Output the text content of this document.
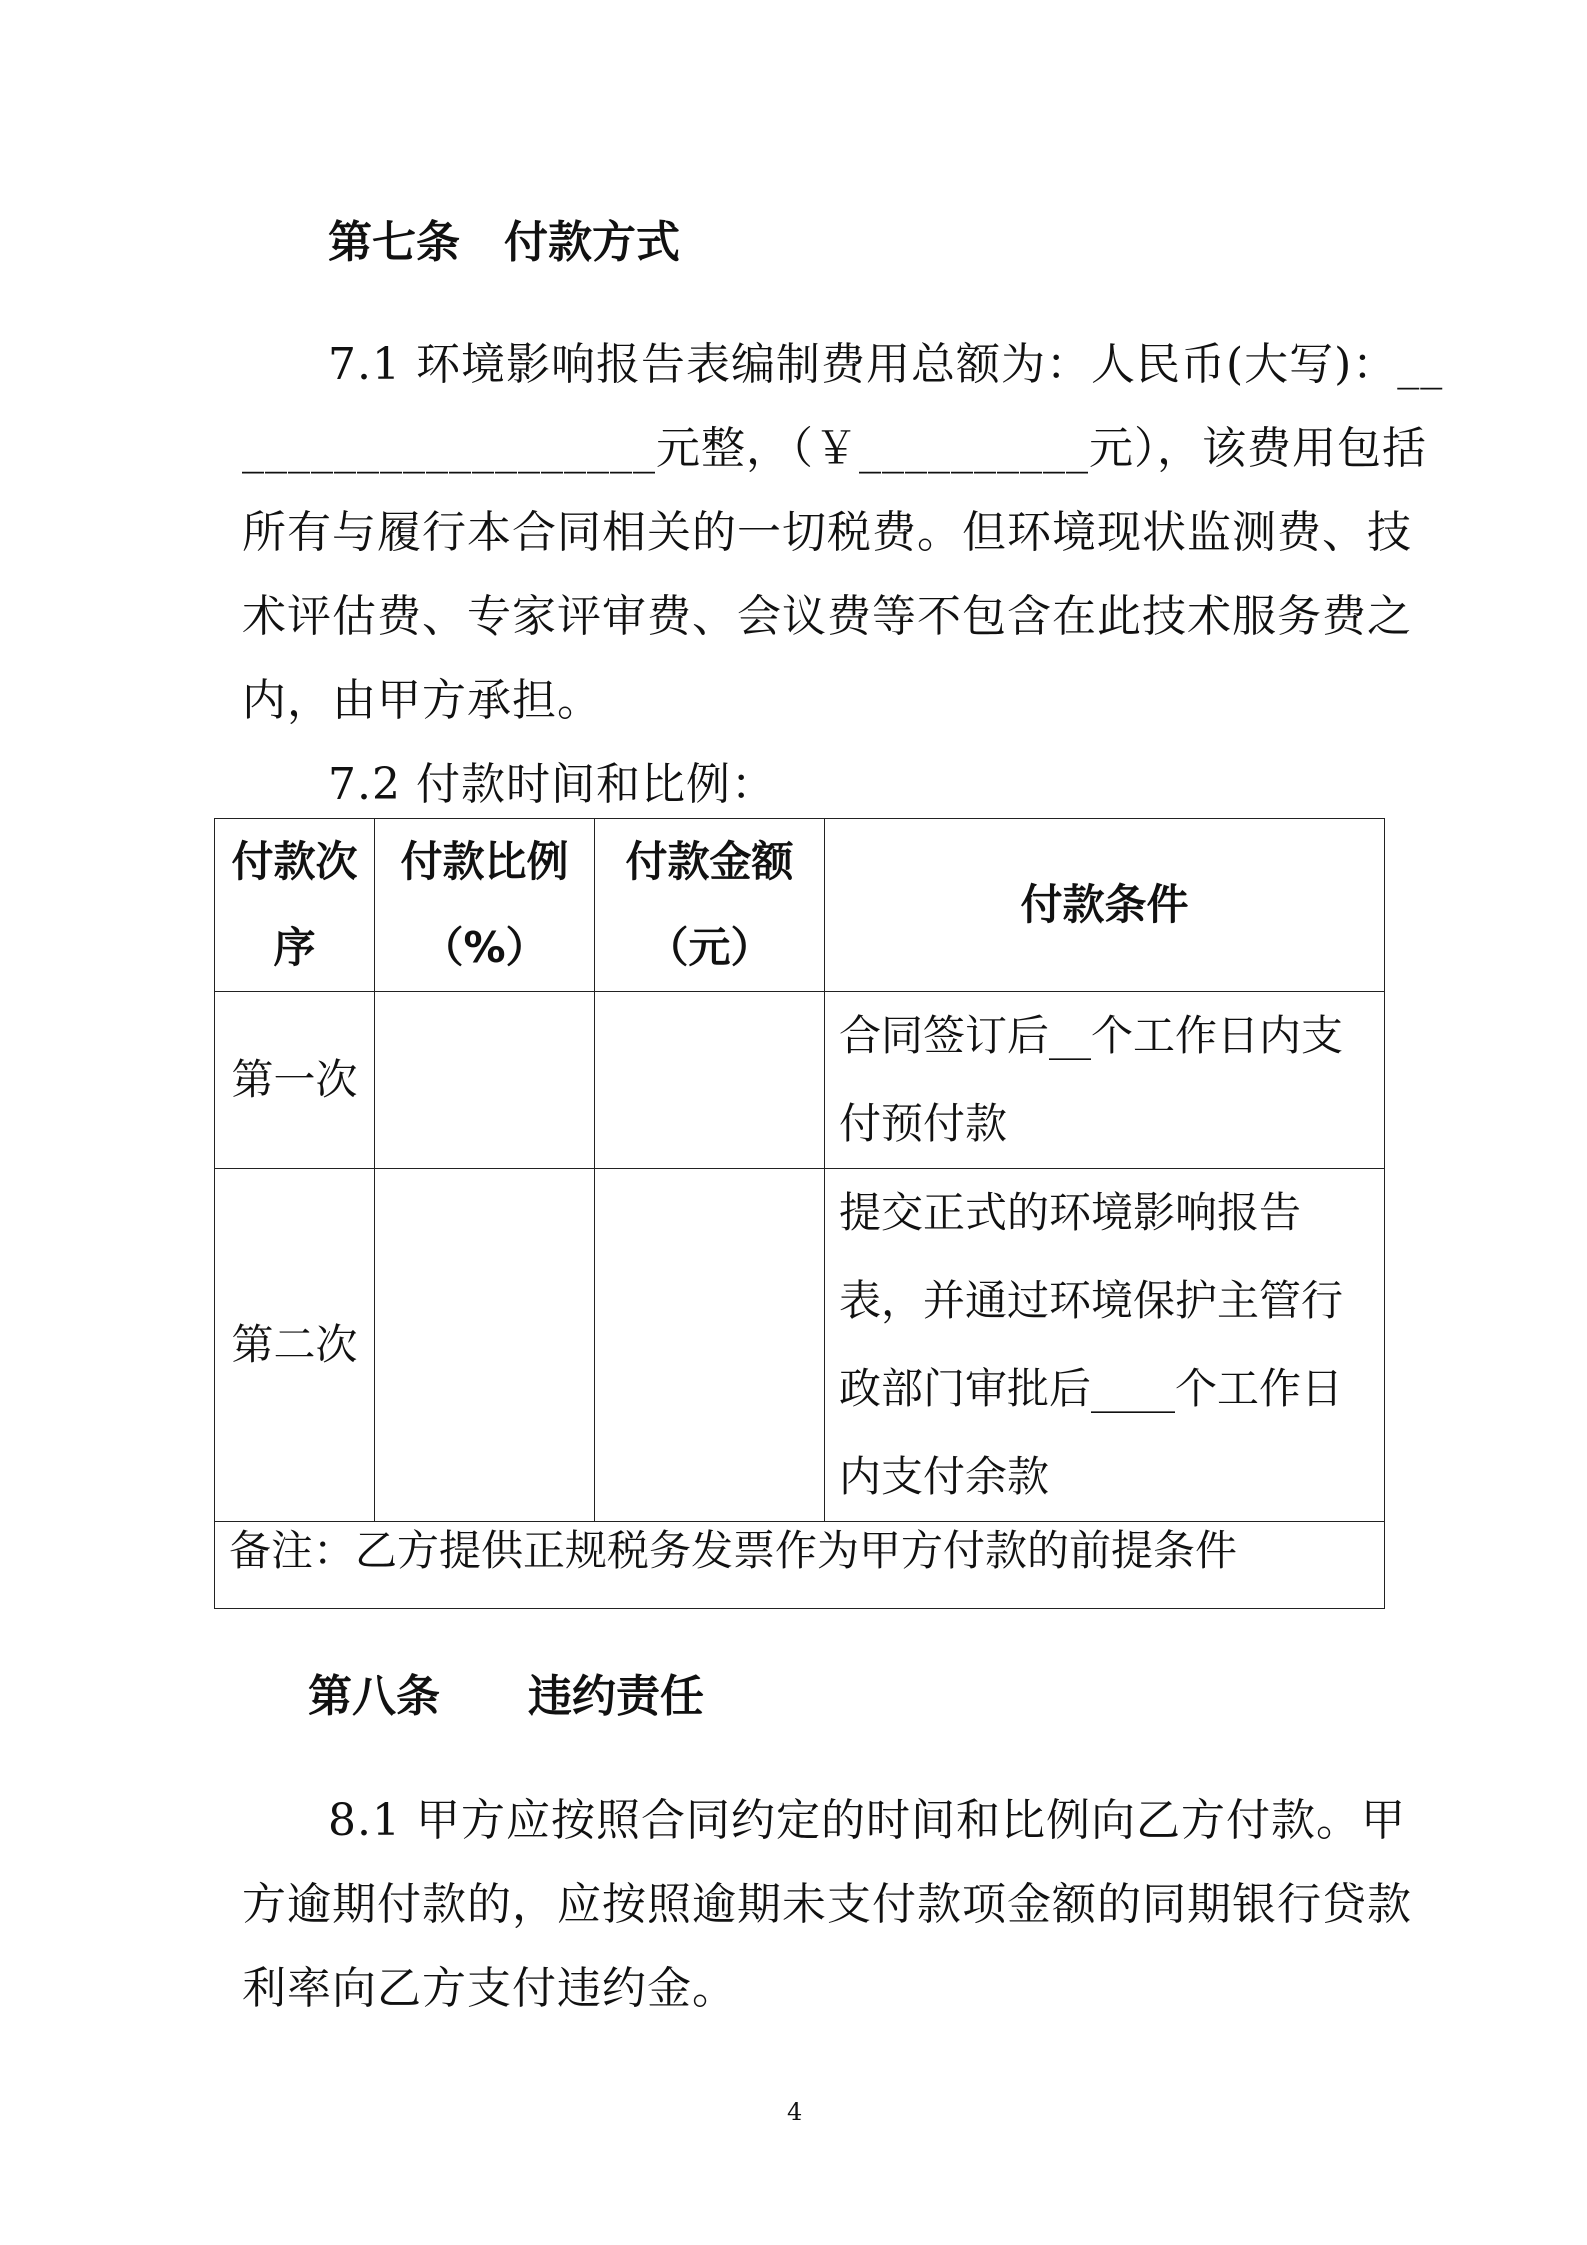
第七条　付款方式
7.1 环境影响报告表编制费用总额为：人民币(大写)：__
__________________元整，（￥__________元），该费用包括
所有与履行本合同相关的一切税费。但环境现状监测费、技
术评估费、专家评审费、会议费等不包含在此技术服务费之
内，由甲方承担。
7.2 付款时间和比例：
付款次序	付款比例（%）	付款金额（元）	付款条件
第一次			合同签订后__个工作日内支付预付款
第二次			提交正式的环境影响报告表，并通过环境保护主管行政部门审批后____个工作日内支付余款
备注：乙方提供正规税务发票作为甲方付款的前提条件			
第八条　　违约责任
8.1 甲方应按照合同约定的时间和比例向乙方付款。甲
方逾期付款的，应按照逾期未支付款项金额的同期银行贷款
利率向乙方支付违约金。
4
